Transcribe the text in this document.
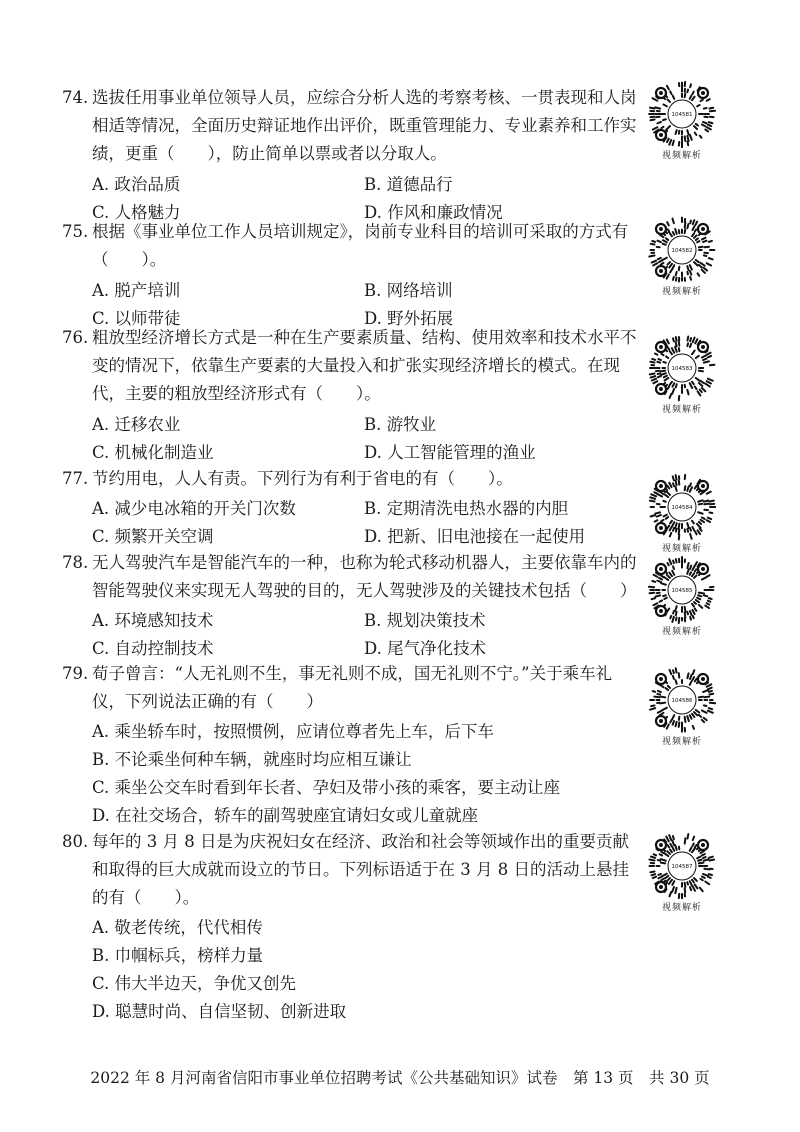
74. 选拔任用事业单位领导人员，应综合分析人选的考察考核、一贯表现和人岗相适等情况，全面历史辩证地作出评价，既重管理能力、专业素养和工作实绩，更重（　　），防止简单以票或者以分取人。
A. 政治品质	B. 道德品行
C. 人格魅力	D. 作风和廉政情况
75. 根据《事业单位工作人员培训规定》，岗前专业科目的培训可采取的方式有（　　）。
A. 脱产培训	B. 网络培训
C. 以师带徒	D. 野外拓展
76. 粗放型经济增长方式是一种在生产要素质量、结构、使用效率和技术水平不变的情况下，依靠生产要素的大量投入和扩张实现经济增长的模式。在现代，主要的粗放型经济形式有（　　）。
A. 迁移农业	B. 游牧业
C. 机械化制造业	D. 人工智能管理的渔业
77. 节约用电，人人有责。下列行为有利于省电的有（　　）。
A. 减少电冰箱的开关门次数	B. 定期清洗电热水器的内胆
C. 频繁开关空调	D. 把新、旧电池接在一起使用
78. 无人驾驶汽车是智能汽车的一种，也称为轮式移动机器人，主要依靠车内的智能驾驶仪来实现无人驾驶的目的，无人驾驶涉及的关键技术包括（　　）
A. 环境感知技术	B. 规划决策技术
C. 自动控制技术	D. 尾气净化技术
79. 荀子曾言：“人无礼则不生，事无礼则不成，国无礼则不宁。”关于乘车礼仪，下列说法正确的有（　　）
A. 乘坐轿车时，按照惯例，应请位尊者先上车，后下车
B. 不论乘坐何种车辆，就座时均应相互谦让
C. 乘坐公交车时看到年长者、孕妇及带小孩的乘客，要主动让座
D. 在社交场合，轿车的副驾驶座宜请妇女或儿童就座
80. 每年的 3 月 8 日是为庆祝妇女在经济、政治和社会等领域作出的重要贡献和取得的巨大成就而设立的节日。下列标语适于在 3 月 8 日的活动上悬挂的有（　　）。
A. 敬老传统，代代相传
B. 巾帼标兵，榜样力量
C. 伟大半边天，争优又创先
D. 聪慧时尚、自信坚韧、创新进取
104581
视频解析
104582
视频解析
104583
视频解析
104584
视频解析
104585
视频解析
104586
视频解析
104587
视频解析
2022 年 8 月河南省信阳市事业单位招聘考试《公共基础知识》试卷　第 13 页　共 30 页
